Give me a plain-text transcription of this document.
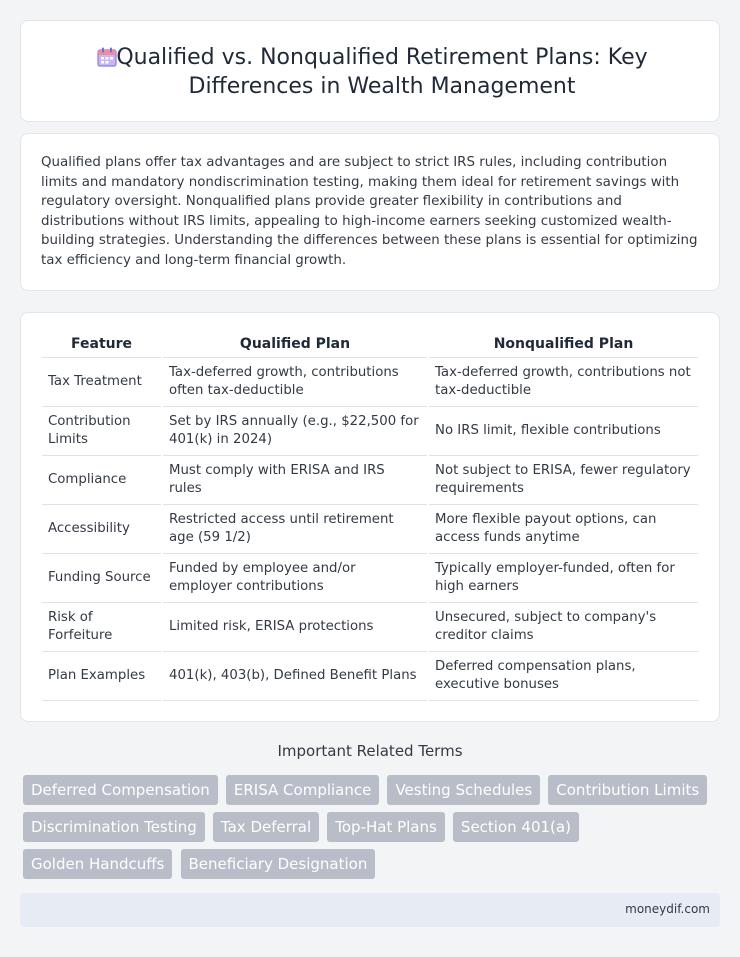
Qualified vs. Nonqualified Retirement Plans: Key Differences in Wealth Management

Qualified plans offer tax advantages and are subject to strict IRS rules, including contribution limits and mandatory nondiscrimination testing, making them ideal for retirement savings with regulatory oversight. Nonqualified plans provide greater flexibility in contributions and distributions without IRS limits, appealing to high-income earners seeking customized wealth-building strategies. Understanding the differences between these plans is essential for optimizing tax efficiency and long-term financial growth.

Feature	Qualified Plan	Nonqualified Plan
Tax Treatment	Tax-deferred growth, contributions often tax-deductible	Tax-deferred growth, contributions not tax-deductible
Contribution Limits	Set by IRS annually (e.g., $22,500 for 401(k) in 2024)	No IRS limit, flexible contributions
Compliance	Must comply with ERISA and IRS rules	Not subject to ERISA, fewer regulatory requirements
Accessibility	Restricted access until retirement age (59 1/2)	More flexible payout options, can access funds anytime
Funding Source	Funded by employee and/or employer contributions	Typically employer-funded, often for high earners
Risk of Forfeiture	Limited risk, ERISA protections	Unsecured, subject to company's creditor claims
Plan Examples	401(k), 403(b), Defined Benefit Plans	Deferred compensation plans, executive bonuses
Important Related Terms
Deferred Compensation ERISA Compliance Vesting Schedules Contribution Limits Discrimination Testing Tax Deferral Top-Hat Plans Section 401(a) Golden Handcuffs Beneficiary Designation
moneydif.com
